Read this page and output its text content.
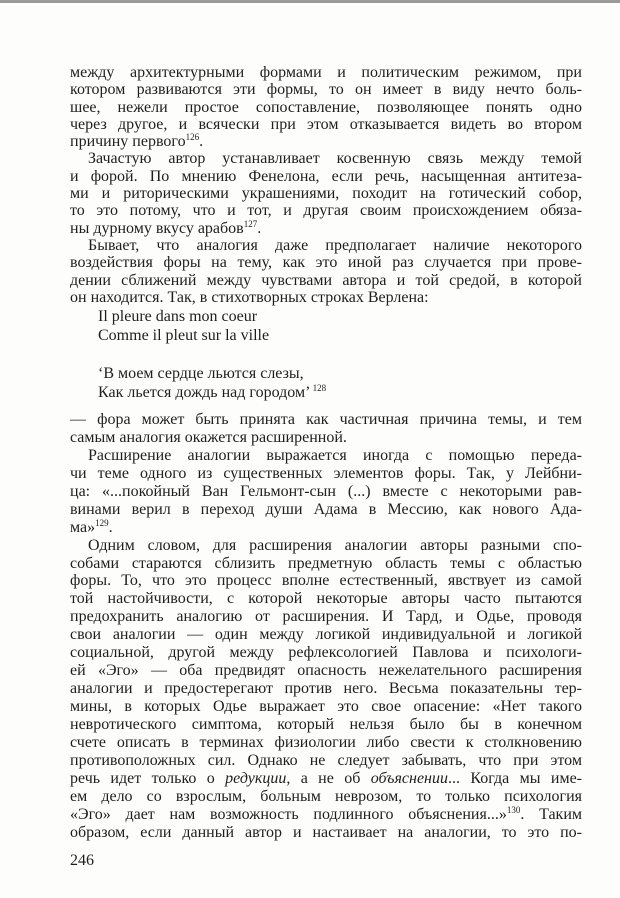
между архитектурными формами и политическим режимом, при
котором развиваются эти формы, то он имеет в виду нечто боль-
шее, нежели простое сопоставление, позволяющее понять одно
через другое, и всячески при этом отказывается видеть во втором
причину первого$^{126}$.
Зачастую автор устанавливает косвенную связь между темой
и форой. По мнению Фенелона, если речь, насыщенная антитеза-
ми и риторическими украшениями, походит на готический собор,
то это потому, что и тот, и другая своим происхождением обяза-
ны дурному вкусу арабов$^{127}$.
Бывает, что аналогия даже предполагает наличие некоторого
воздействия форы на тему, как это иной раз случается при прове-
дении сближений между чувствами автора и той средой, в которой
он находится. Так, в стихотворных строках Верлена:
Il pleure dans mon coeur
Comme il pleut sur la ville
‘В моем сердце льются слезы,
Как льется дождь над городом’ $^{128}$
— фора может быть принята как частичная причина темы, и тем
самым аналогия окажется расширенной.
Расширение аналогии выражается иногда с помощью переда-
чи теме одного из существенных элементов форы. Так, у Лейбни-
ца: «...покойный Ван Гельмонт-сын (...) вместе с некоторыми рав-
винами верил в переход души Адама в Мессию, как нового Ада-
ма»$^{129}$.
Одним словом, для расширения аналогии авторы разными спо-
собами стараются сблизить предметную область темы с областью
форы. То, что это процесс вполне естественный, явствует из самой
той настойчивости, с которой некоторые авторы часто пытаются
предохранить аналогию от расширения. И Тард, и Одье, проводя
свои аналогии — один между логикой индивидуальной и логикой
социальной, другой между рефлексологией Павлова и психологи-
ей «Эго» — оба предвидят опасность нежелательного расширения
аналогии и предостерегают против него. Весьма показательны тер-
мины, в которых Одье выражает это свое опасение: «Нет такого
невротического симптома, который нельзя было бы в конечном
счете описать в терминах физиологии либо свести к столкновению
противоположных сил. Однако не следует забывать, что при этом
речь идет только о редукции, а не об объяснении... Когда мы име-
ем дело со взрослым, больным неврозом, то только психология
«Эго» дает нам возможность подлинного объяснения...»$^{130}$. Таким
образом, если данный автор и настаивает на аналогии, то это по-
246
